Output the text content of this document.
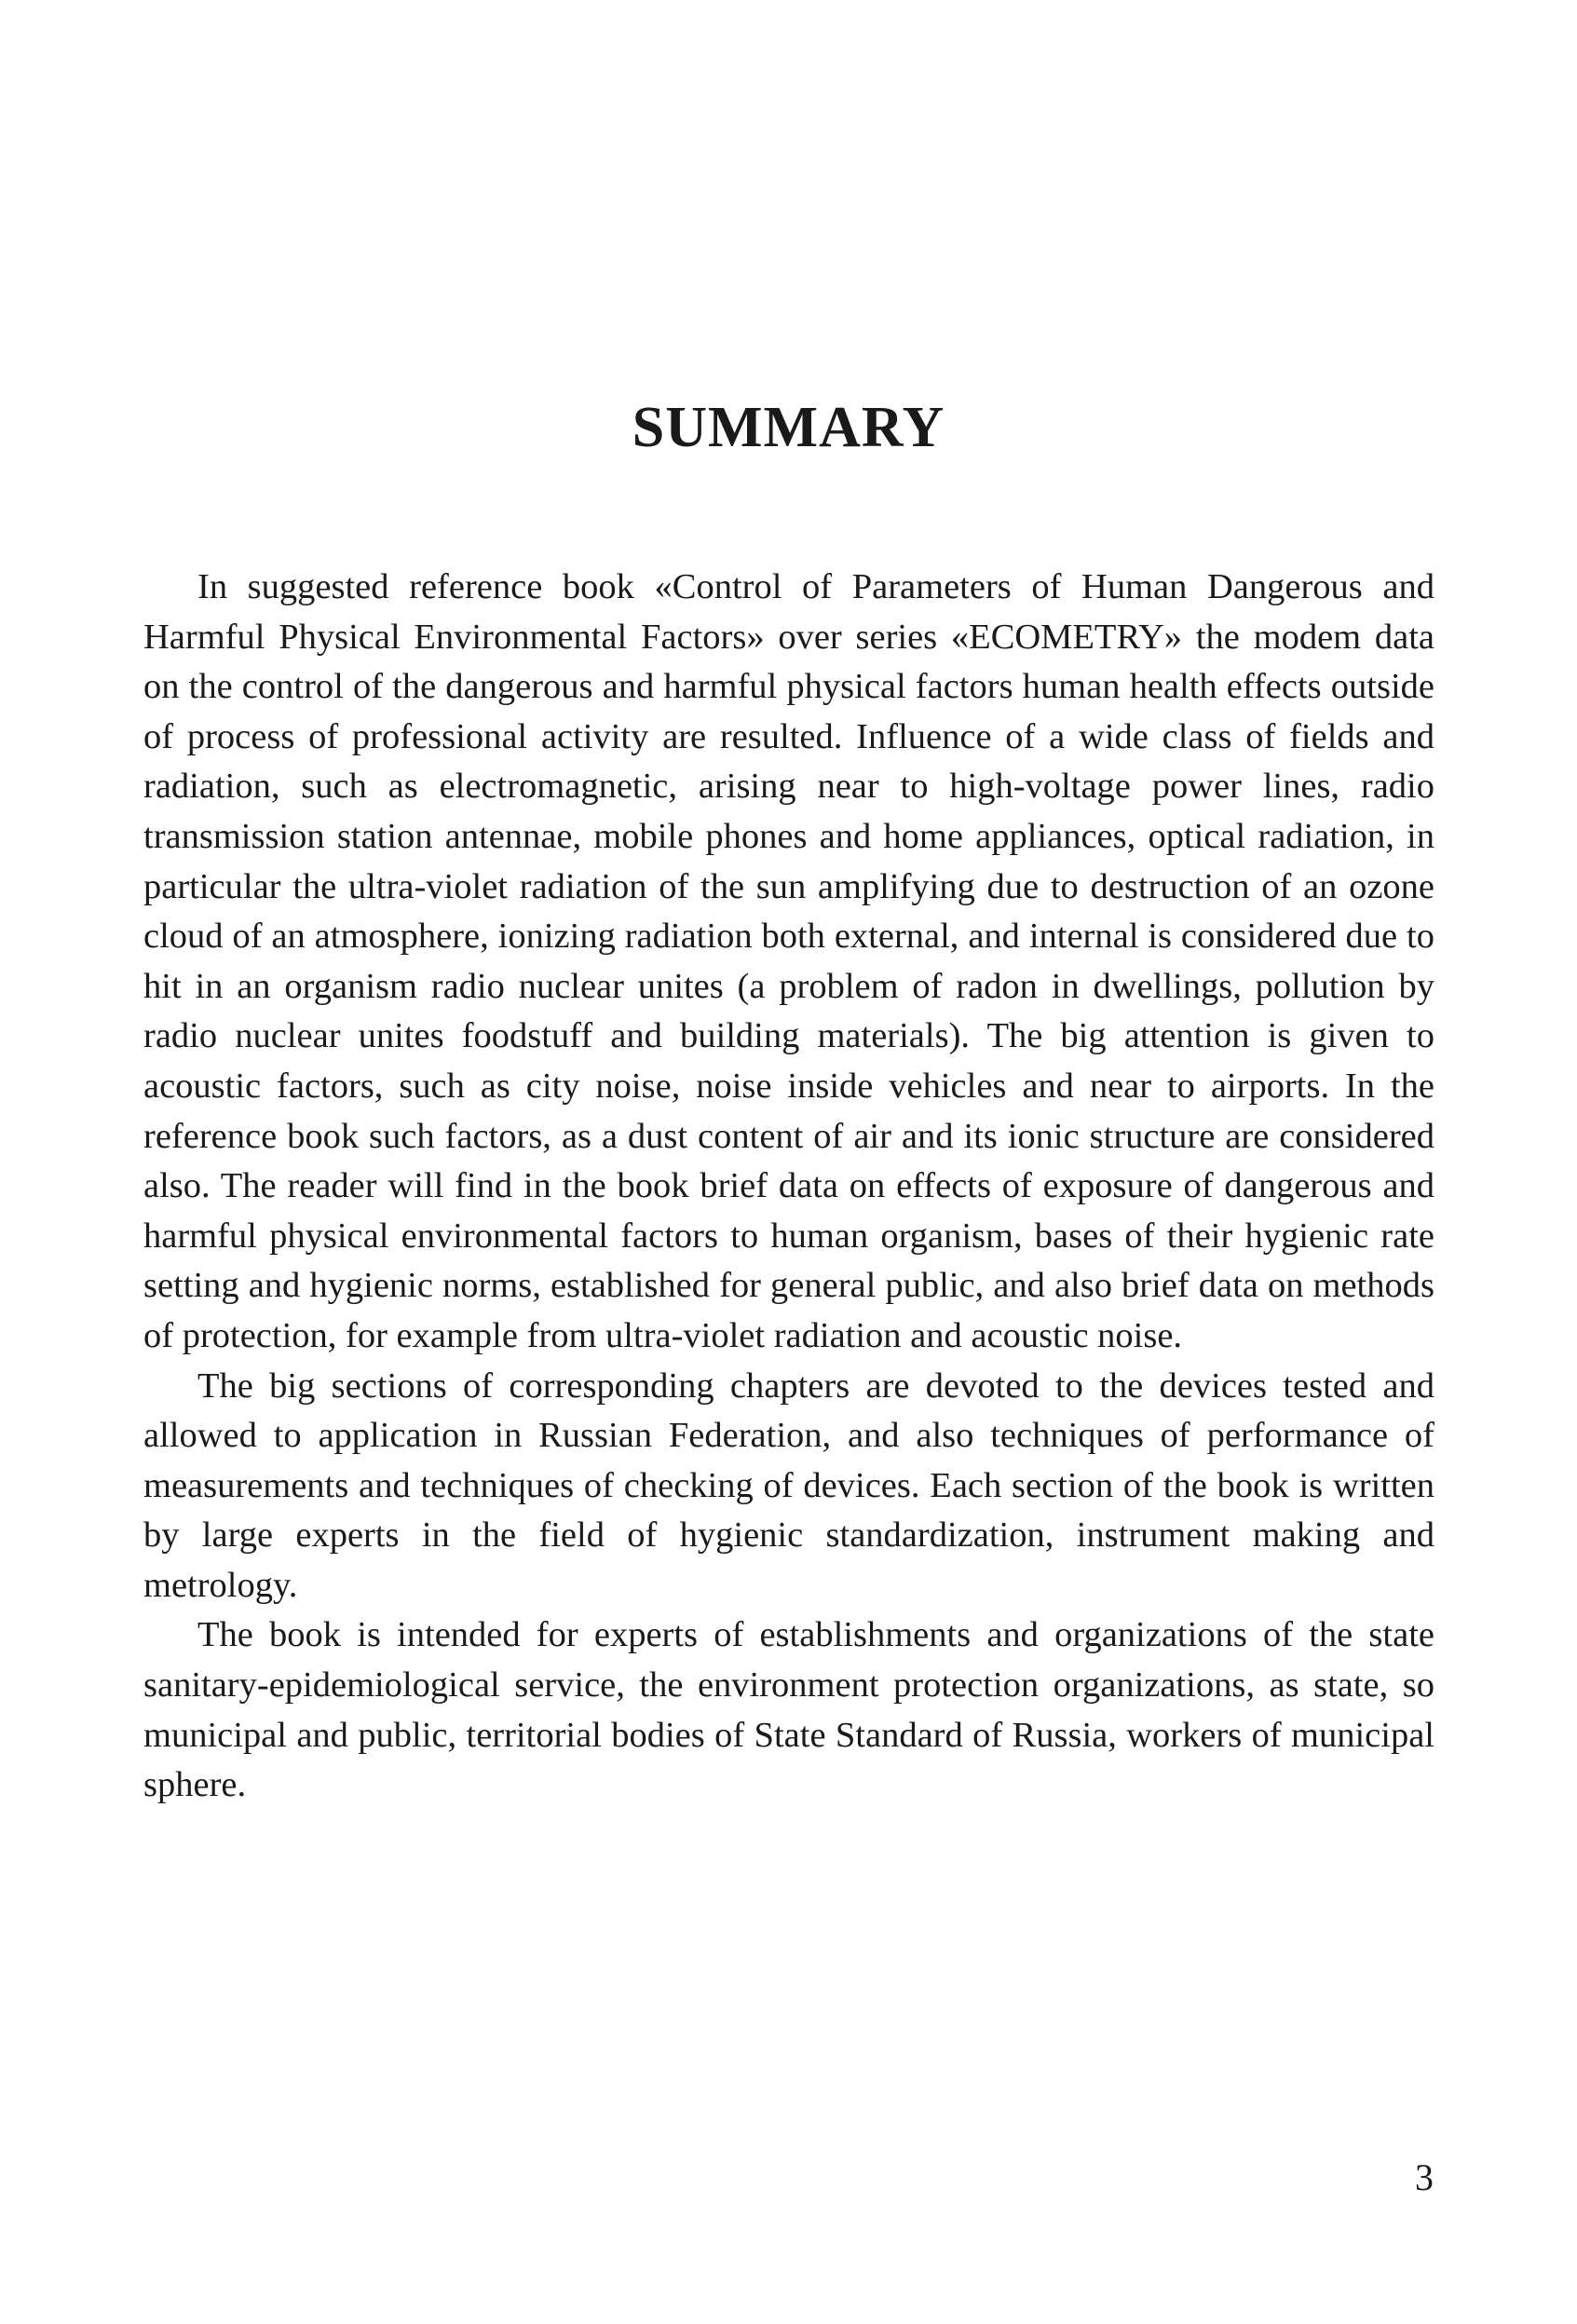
SUMMARY

In suggested reference book «Control of Parameters of Human Dangerous and Harmful Physical Environmental Factors» over series «ECOMETRY» the modem data on the control of the dangerous and harmful physical factors human health effects outside of process of professional activity are resulted. Influence of a wide class of fields and radiation, such as electromagnetic, arising near to high-voltage power lines, radio transmission station antennae, mobile phones and home appliances, optical radiation, in particular the ultra-violet radiation of the sun amplifying due to destruction of an ozone cloud of an atmosphere, ionizing radiation both external, and internal is considered due to hit in an organism radio nuclear unites (a problem of radon in dwellings, pollution by radio nuclear unites foodstuff and building materials). The big attention is given to acoustic factors, such as city noise, noise inside vehicles and near to airports. In the reference book such factors, as a dust content of air and its ionic structure are considered also. The reader will find in the book brief data on effects of exposure of dangerous and harmful physical environmental factors to human organism, bases of their hygienic rate setting and hygienic norms, established for general public, and also brief data on methods of protection, for example from ultra-violet radiation and acoustic noise.

The big sections of corresponding chapters are devoted to the devices tested and allowed to application in Russian Federation, and also techniques of performance of measurements and techniques of checking of devices. Each section of the book is written by large experts in the field of hygienic standardization, instrument making and metrology.

The book is intended for experts of establishments and organizations of the state sanitary-epidemiological service, the environment protection organizations, as state, so municipal and public, territorial bodies of State Standard of Russia, workers of municipal sphere.

3
